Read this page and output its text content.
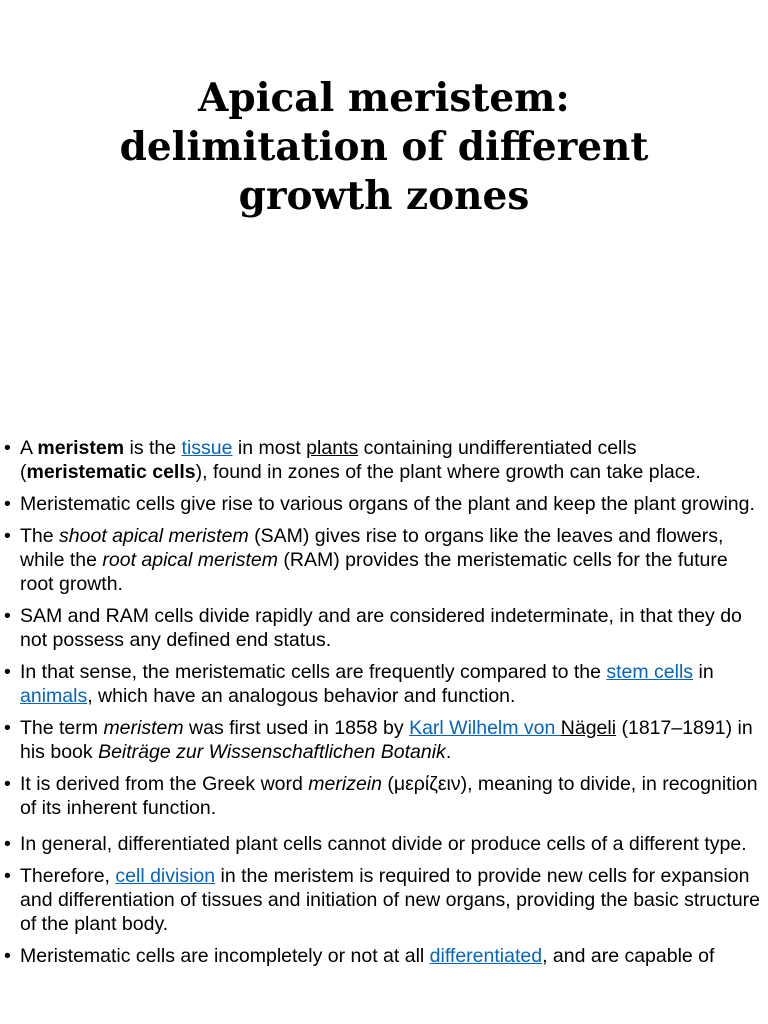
Apical meristem:
delimitation of different
growth zones
• A meristem is the tissue in most plants containing undifferentiated cells (meristematic cells), found in zones of the plant where growth can take place.
• Meristematic cells give rise to various organs of the plant and keep the plant growing.
• The shoot apical meristem (SAM) gives rise to organs like the leaves and flowers, while the root apical meristem (RAM) provides the meristematic cells for the future root growth.
• SAM and RAM cells divide rapidly and are considered indeterminate, in that they do not possess any defined end status.
• In that sense, the meristematic cells are frequently compared to the stem cells in animals, which have an analogous behavior and function.
• The term meristem was first used in 1858 by Karl Wilhelm von Nägeli (1817–1891) in his book Beiträge zur Wissenschaftlichen Botanik.
• It is derived from the Greek word merizein (μερίζειν), meaning to divide, in recognition of its inherent function.
• In general, differentiated plant cells cannot divide or produce cells of a different type.
• Therefore, cell division in the meristem is required to provide new cells for expansion and differentiation of tissues and initiation of new organs, providing the basic structure of the plant body.
• Meristematic cells are incompletely or not at all differentiated, and are capable of
